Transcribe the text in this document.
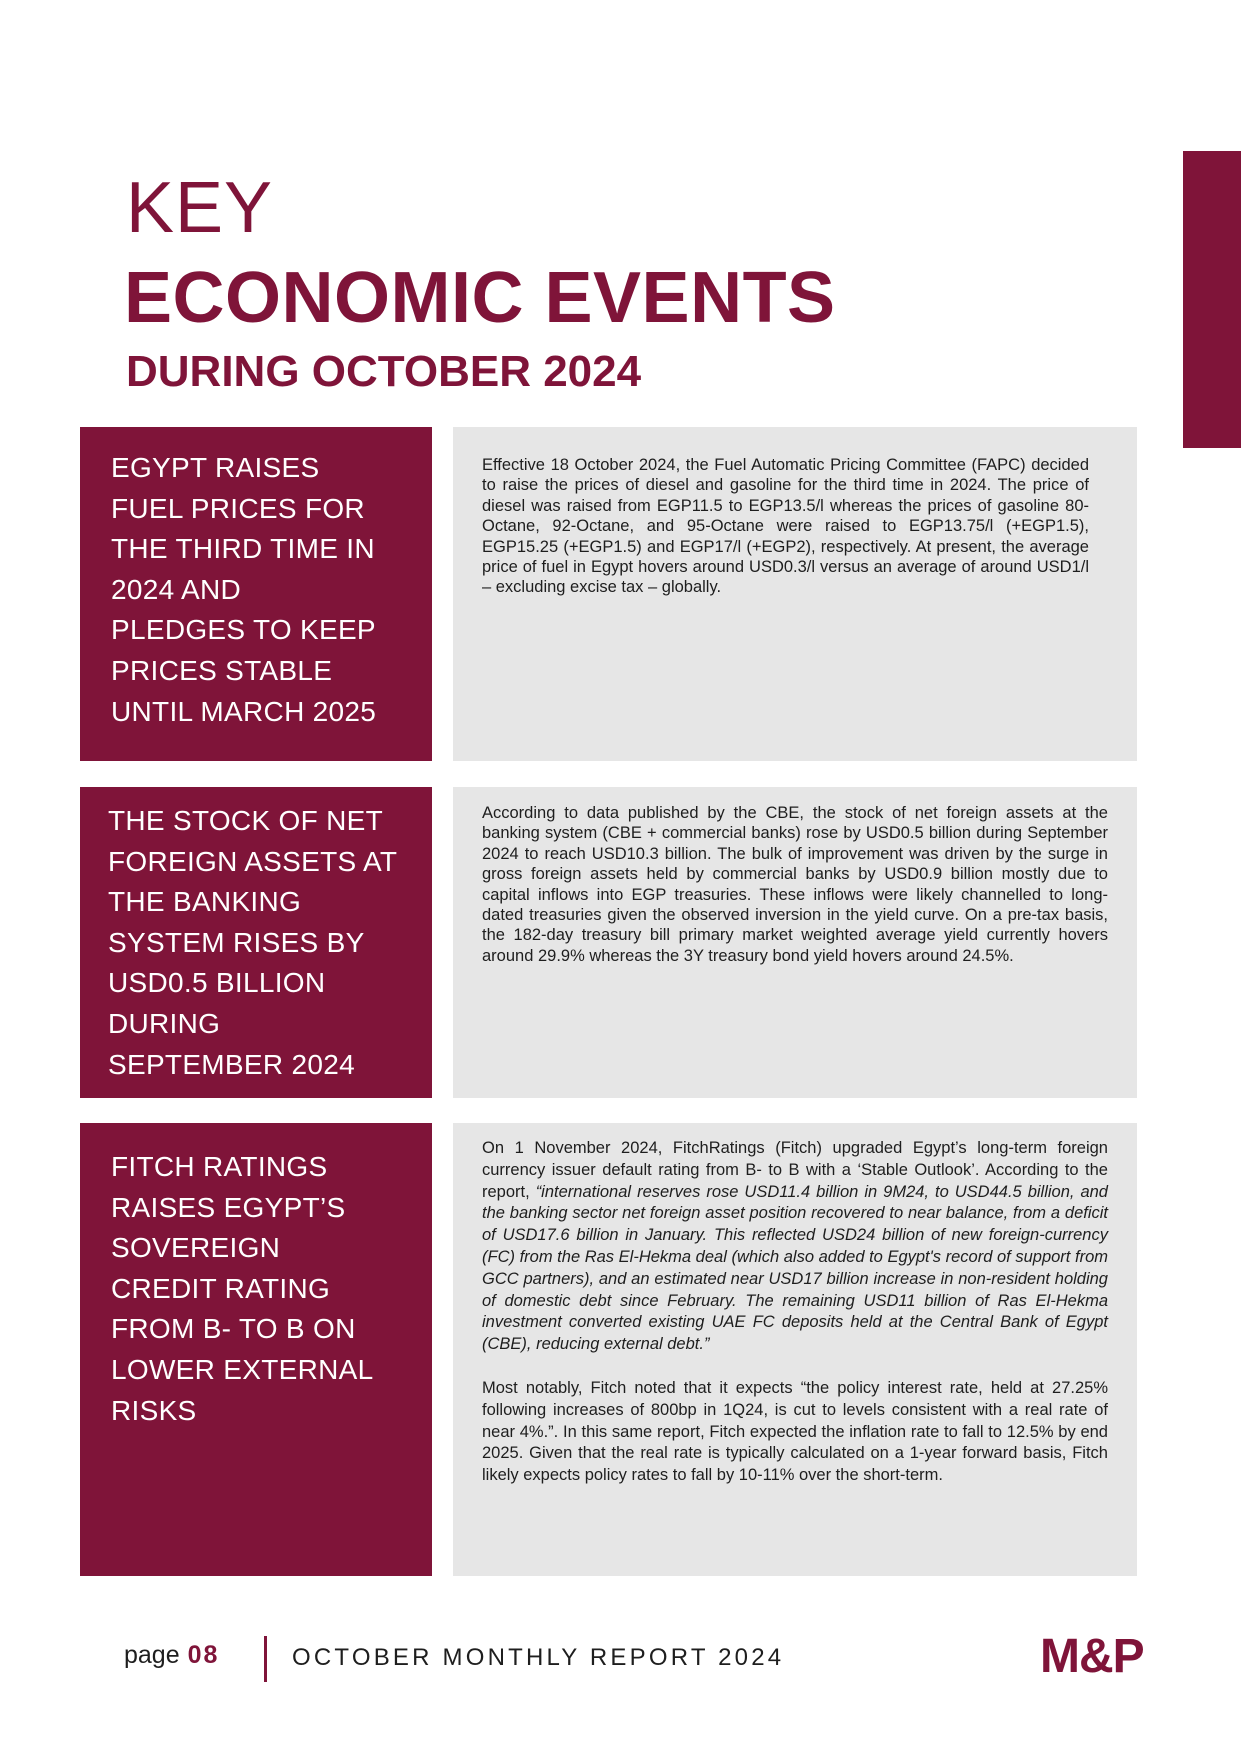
KEY
ECONOMIC EVENTS
DURING OCTOBER 2024

EGYPT RAISES
FUEL PRICES FOR
THE THIRD TIME IN
2024 AND
PLEDGES TO KEEP
PRICES STABLE
UNTIL MARCH 2025

Effective 18 October 2024, the Fuel Automatic Pricing Committee (FAPC) decided to raise the prices of diesel and gasoline for the third time in 2024. The price of diesel was raised from EGP11.5 to EGP13.5/l whereas the prices of gasoline 80-Octane, 92-Octane, and 95-Octane were raised to EGP13.75/l (+EGP1.5), EGP15.25 (+EGP1.5) and EGP17/l (+EGP2), respectively. At present, the average price of fuel in Egypt hovers around USD0.3/l versus an average of around USD1/l – excluding excise tax – globally.

THE STOCK OF NET
FOREIGN ASSETS AT
THE BANKING
SYSTEM RISES BY
USD0.5 BILLION
DURING
SEPTEMBER 2024

According to data published by the CBE, the stock of net foreign assets at the banking system (CBE + commercial banks) rose by USD0.5 billion during September 2024 to reach USD10.3 billion. The bulk of improvement was driven by the surge in gross foreign assets held by commercial banks by USD0.9 billion mostly due to capital inflows into EGP treasuries. These inflows were likely channelled to long-dated treasuries given the observed inversion in the yield curve. On a pre-tax basis, the 182-day treasury bill primary market weighted average yield currently hovers around 29.9% whereas the 3Y treasury bond yield hovers around 24.5%.

FITCH RATINGS
RAISES EGYPT’S
SOVEREIGN
CREDIT RATING
FROM B- TO B ON
LOWER EXTERNAL
RISKS

On 1 November 2024, FitchRatings (Fitch) upgraded Egypt’s long-term foreign currency issuer default rating from B- to B with a ‘Stable Outlook’. According to the report, “international reserves rose USD11.4 billion in 9M24, to USD44.5 billion, and the banking sector net foreign asset position recovered to near balance, from a deficit of USD17.6 billion in January. This reflected USD24 billion of new foreign-currency (FC) from the Ras El-Hekma deal (which also added to Egypt's record of support from GCC partners), and an estimated near USD17 billion increase in non-resident holding of domestic debt since February. The remaining USD11 billion of Ras El-Hekma investment converted existing UAE FC deposits held at the Central Bank of Egypt (CBE), reducing external debt.”

Most notably, Fitch noted that it expects “the policy interest rate, held at 27.25% following increases of 800bp in 1Q24, is cut to levels consistent with a real rate of near 4%.”. In this same report, Fitch expected the inflation rate to fall to 12.5% by end 2025. Given that the real rate is typically calculated on a 1-year forward basis, Fitch likely expects policy rates to fall by 10-11% over the short-term.

page 08	OCTOBER MONTHLY REPORT 2024	M&P
